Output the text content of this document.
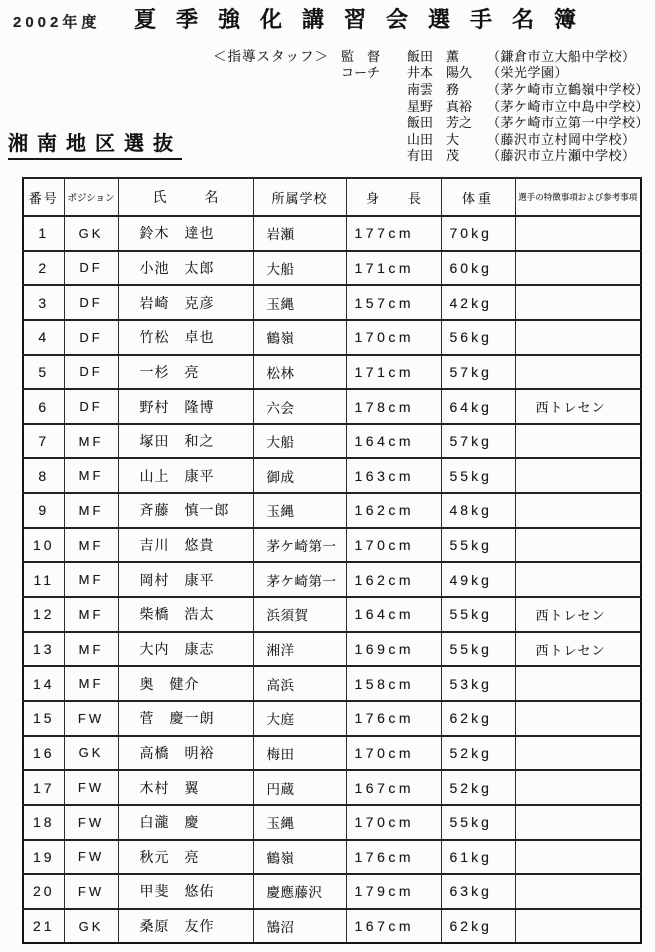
2002年度 夏季強化講習会選手名簿
＜指導スタッフ＞ 監　督	飯田　薫	（鎌倉市立大船中学校）
コーチ	井本　陽久	（栄光学園）
南雲　務	（茅ケ崎市立鶴嶺中学校）
星野　真裕	（茅ケ崎市立中島中学校）
飯田　芳之	（茅ケ崎市立第一中学校）
山田　大	（藤沢市立村岡中学校）
有田　茂	（藤沢市立片瀬中学校）
湘南地区選抜
番号	ポジション	氏　名	所属学校	身　長	体重	選手の特徴事項および参考事項
1	GK	鈴木　達也	岩瀬	177cm	70kg	
2	DF	小池　太郎	大船	171cm	60kg	
3	DF	岩崎　克彦	玉縄	157cm	42kg	
4	DF	竹松　卓也	鶴嶺	170cm	56kg	
5	DF	一杉　亮	松林	171cm	57kg	
6	DF	野村　隆博	六会	178cm	64kg	西トレセン
7	MF	塚田　和之	大船	164cm	57kg	
8	MF	山上　康平	御成	163cm	55kg	
9	MF	斉藤　慎一郎	玉縄	162cm	48kg	
10	MF	吉川　悠貴	茅ケ崎第一	170cm	55kg	
11	MF	岡村　康平	茅ケ崎第一	162cm	49kg	
12	MF	柴橋　浩太	浜須賀	164cm	55kg	西トレセン
13	MF	大内　康志	湘洋	169cm	55kg	西トレセン
14	MF	奥　健介	高浜	158cm	53kg	
15	FW	菅　慶一朗	大庭	176cm	62kg	
16	GK	高橋　明裕	梅田	170cm	52kg	
17	FW	木村　翼	円蔵	167cm	52kg	
18	FW	白瀧　慶	玉縄	170cm	55kg	
19	FW	秋元　亮	鶴嶺	176cm	61kg	
20	FW	甲斐　悠佑	慶應藤沢	179cm	63kg	
21	GK	桑原　友作	鵠沼	167cm	62kg	
